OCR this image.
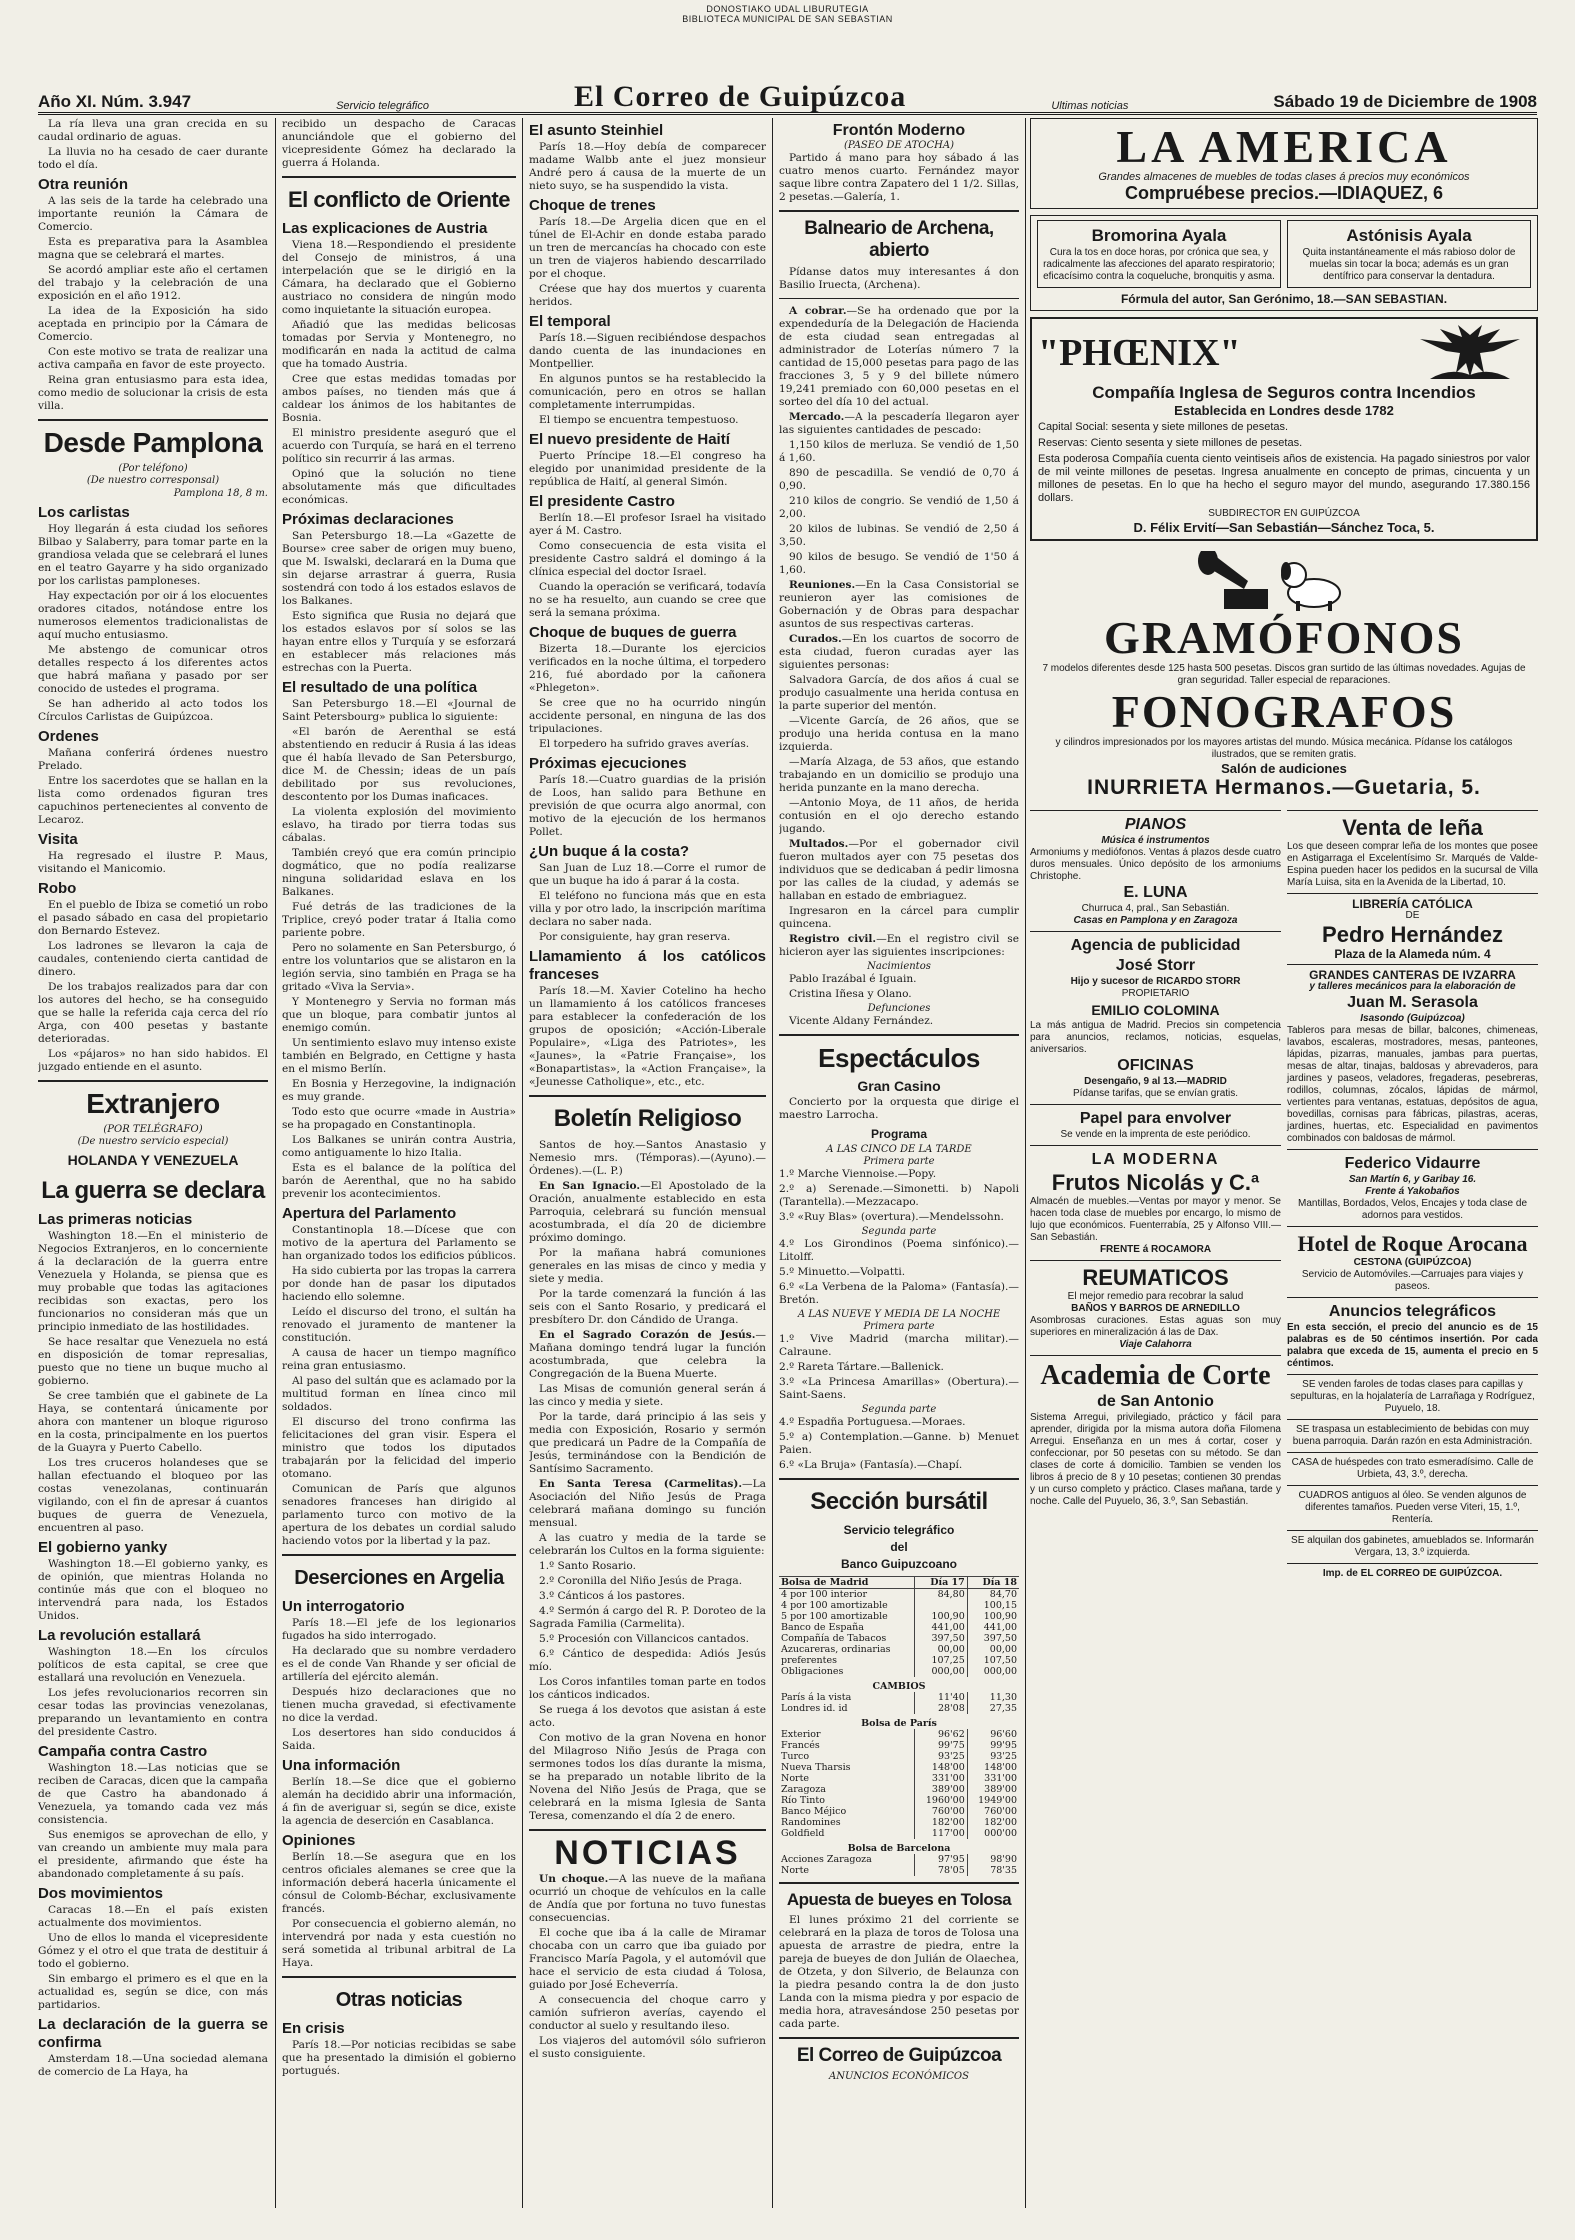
DONOSTIAKO UDAL LIBURUTEGIA
BIBLIOTECA MUNICIPAL DE SAN SEBASTIAN
Año XI. Núm. 3.947	Servicio telegráfico	El Correo de Guipúzcoa	Ultimas noticias	Sábado 19 de Diciembre de 1908

La ría lleva una gran crecida en su caudal ordinario de aguas.

La lluvia no ha cesado de caer durante todo el día.

Otra reunión

A las seis de la tarde ha celebrado una importante reunión la Cámara de Comercio.

Esta es preparativa para la Asamblea magna que se celebrará el martes.

Se acordó ampliar este año el certamen del trabajo y la celebración de una exposición en el año 1912.

La idea de la Exposición ha sido aceptada en principio por la Cámara de Comercio.

Con este motivo se trata de realizar una activa campaña en favor de este proyecto.

Reina gran entusiasmo para esta idea, como medio de solucionar la crisis de esta villa.

Desde Pamplona
(Por teléfono)
(De nuestro corresponsal)
Pamplona 18, 8 m.
Los carlistas

Hoy llegarán á esta ciudad los señores Bilbao y Salaberry, para tomar parte en la grandiosa velada que se celebrará el lunes en el teatro Gayarre y ha sido organizado por los carlistas pamploneses.

Hay expectación por oir á los elocuentes oradores citados, notándose entre los numerosos elementos tradicionalistas de aquí mucho entusiasmo.

Me abstengo de comunicar otros detalles respecto á los diferentes actos que habrá mañana y pasado por ser conocido de ustedes el programa.

Se han adherido al acto todos los Círculos Carlistas de Guipúzcoa.

Ordenes

Mañana conferirá órdenes nuestro Prelado.

Entre los sacerdotes que se hallan en la lista como ordenados figuran tres capuchinos pertenecientes al convento de Lecaroz.

Visita

Ha regresado el ilustre P. Maus, visitando el Manicomio.

Robo

En el pueblo de Ibiza se cometió un robo el pasado sábado en casa del propietario don Bernardo Estevez.

Los ladrones se llevaron la caja de caudales, conteniendo cierta cantidad de dinero.

De los trabajos realizados para dar con los autores del hecho, se ha conseguido que se halle la referida caja cerca del río Arga, con 400 pesetas y bastante deterioradas.

Los «pájaros» no han sido habidos. El juzgado entiende en el asunto.

Extranjero
(POR TELÉGRAFO)
(De nuestro servicio especial)
HOLANDA Y VENEZUELA
La guerra se declara
Las primeras noticias

Washington 18.—En el ministerio de Negocios Extranjeros, en lo concerniente á la declaración de la guerra entre Venezuela y Holanda, se piensa que es muy probable que todas las agitaciones recibidas son exactas, pero los funcionarios no consideran más que un principio inmediato de las hostilidades.

Se hace resaltar que Venezuela no está en disposición de tomar represalias, puesto que no tiene un buque mucho al gobierno.

Se cree también que el gabinete de La Haya, se contentará únicamente por ahora con mantener un bloque riguroso en la costa, principalmente en los puertos de la Guayra y Puerto Cabello.

Los tres cruceros holandeses que se hallan efectuando el bloqueo por las costas venezolanas, continuarán vigilando, con el fin de apresar á cuantos buques de guerra de Venezuela, encuentren al paso.

El gobierno yanky

Washington 18.—El gobierno yanky, es de opinión, que mientras Holanda no continúe más que con el bloqueo no intervendrá para nada, los Estados Unidos.

La revolución estallará

Washington 18.—En los círculos políticos de esta capital, se cree que estallará una revolución en Venezuela.

Los jefes revolucionarios recorren sin cesar todas las provincias venezolanas, preparando un levantamiento en contra del presidente Castro.

Campaña contra Castro

Washington 18.—Las noticias que se reciben de Caracas, dicen que la campaña de que Castro ha abandonado á Venezuela, ya tomando cada vez más consistencia.

Sus enemigos se aprovechan de ello, y van creando un ambiente muy mala para el presidente, afirmando que éste ha abandonado completamente á su país.

Dos movimientos

Caracas 18.—En el país existen actualmente dos movimientos.

Uno de ellos lo manda el vicepresidente Gómez y el otro el que trata de destituir á todo el gobierno.

Sin embargo el primero es el que en la actualidad es, según se dice, con más partidarios.

La declaración de la guerra se confirma

Amsterdam 18.—Una sociedad alemana de comercio de La Haya, ha

recibido un despacho de Caracas anunciándole que el gobierno del vicepresidente Gómez ha declarado la guerra á Holanda.

El conflicto de Oriente
Las explicaciones de Austria

Viena 18.—Respondiendo el presidente del Consejo de ministros, á una interpelación que se le dirigió en la Cámara, ha declarado que el Gobierno austriaco no considera de ningún modo como inquietante la situación europea.

Añadió que las medidas belicosas tomadas por Servia y Montenegro, no modificarán en nada la actitud de calma que ha tomado Austria.

Cree que estas medidas tomadas por ambos países, no tienden más que á caldear los ánimos de los habitantes de Bosnia.

El ministro presidente aseguró que el acuerdo con Turquía, se hará en el terreno político sin recurrir á las armas.

Opinó que la solución no tiene absolutamente más que dificultades económicas.

Próximas declaraciones

San Petersburgo 18.—La «Gazette de Bourse» cree saber de origen muy bueno, que M. Iswalski, declarará en la Duma que sin dejarse arrastrar á guerra, Rusia sostendrá con todo á los estados eslavos de los Balkanes.

Esto significa que Rusia no dejará que los estados eslavos por sí solos se las hayan entre ellos y Turquía y se esforzará en establecer más relaciones más estrechas con la Puerta.

El resultado de una política

San Petersburgo 18.—El «Journal de Saint Petersbourg» publica lo siguiente:

«El barón de Aerenthal se está abstentiendo en reducir á Rusia á las ideas que él había llevado de San Petersburgo, dice M. de Chessin; ideas de un país debilitado por sus revoluciones, descontento por los Dumas inaficaces.

La violenta explosión del movimiento eslavo, ha tirado por tierra todas sus cábalas.

También creyó que era común principio dogmático, que no podía realizarse ninguna solidaridad eslava en los Balkanes.

Fué detrás de las tradiciones de la Triplice, creyó poder tratar á Italia como pariente pobre.

Pero no solamente en San Petersburgo, ó entre los voluntarios que se alistaron en la legión servia, sino también en Praga se ha gritado «Viva la Servia».

Y Montenegro y Servia no forman más que un bloque, para combatir juntos al enemigo común.

Un sentimiento eslavo muy intenso existe también en Belgrado, en Cettigne y hasta en el mismo Berlín.

En Bosnia y Herzegovine, la indignación es muy grande.

Todo esto que ocurre «made in Austria» se ha propagado en Constantinopla.

Los Balkanes se unirán contra Austria, como antiguamente lo hizo Italia.

Esta es el balance de la política del barón de Aerenthal, que no ha sabido prevenir los acontecimientos.

Apertura del Parlamento

Constantinopla 18.—Dícese que con motivo de la apertura del Parlamento se han organizado todos los edificios públicos.

Ha sido cubierta por las tropas la carrera por donde han de pasar los diputados haciendo ello solemne.

Leído el discurso del trono, el sultán ha renovado el juramento de mantener la constitución.

A causa de hacer un tiempo magnífico reina gran entusiasmo.

Al paso del sultán que es aclamado por la multitud forman en línea cinco mil soldados.

El discurso del trono confirma las felicitaciones del gran visir. Espera el ministro que todos los diputados trabajarán por la felicidad del imperio otomano.

Comunican de París que algunos senadores franceses han dirigido al parlamento turco con motivo de la apertura de los debates un cordial saludo haciendo votos por la libertad y la paz.

Deserciones en Argelia
Un interrogatorio

París 18.—El jefe de los legionarios fugados ha sido interrogado.

Ha declarado que su nombre verdadero es el de conde Van Rhande y ser oficial de artillería del ejército alemán.

Después hizo declaraciones que no tienen mucha gravedad, si efectivamente no dice la verdad.

Los desertores han sido conducidos á Saida.

Una información

Berlín 18.—Se dice que el gobierno alemán ha decidido abrir una información, á fin de averiguar si, según se dice, existe la agencia de deserción en Casablanca.

Opiniones

Berlín 18.—Se asegura que en los centros oficiales alemanes se cree que la información deberá hacerla únicamente el cónsul de Colomb-Béchar, exclusivamente francés.

Por consecuencia el gobierno alemán, no intervendrá por nada y esta cuestión no será sometida al tribunal arbitral de La Haya.

Otras noticias
En crisis

París 18.—Por noticias recibidas se sabe que ha presentado la dimisión el gobierno portugués.

El asunto Steinhiel

París 18.—Hoy debía de comparecer madame Walbb ante el juez monsieur André pero á causa de la muerte de un nieto suyo, se ha suspendido la vista.

Choque de trenes

París 18.—De Argelia dicen que en el túnel de El-Achir en donde estaba parado un tren de mercancías ha chocado con este un tren de viajeros habiendo descarrilado por el choque.

Créese que hay dos muertos y cuarenta heridos.

El temporal

París 18.—Siguen recibiéndose despachos dando cuenta de las inundaciones en Montpellier.

En algunos puntos se ha restablecido la comunicación, pero en otros se hallan completamente interrumpidas.

El tiempo se encuentra tempestuoso.

El nuevo presidente de Haití

Puerto Príncipe 18.—El congreso ha elegido por unanimidad presidente de la república de Haití, al general Simón.

El presidente Castro

Berlín 18.—El profesor Israel ha visitado ayer á M. Castro.

Como consecuencia de esta visita el presidente Castro saldrá el domingo á la clínica especial del doctor Israel.

Cuando la operación se verificará, todavía no se ha resuelto, aun cuando se cree que será la semana próxima.

Choque de buques de guerra

Bizerta 18.—Durante los ejercicios verificados en la noche última, el torpedero 216, fué abordado por la cañonera «Phlegeton».

Se cree que no ha ocurrido ningún accidente personal, en ninguna de las dos tripulaciones.

El torpedero ha sufrido graves averías.

Próximas ejecuciones

París 18.—Cuatro guardias de la prisión de Loos, han salido para Bethune en previsión de que ocurra algo anormal, con motivo de la ejecución de los hermanos Pollet.

¿Un buque á la costa?

San Juan de Luz 18.—Corre el rumor de que un buque ha ido á parar á la costa.

El teléfono no funciona más que en esta villa y por otro lado, la inscripción marítima declara no saber nada.

Por consiguiente, hay gran reserva.

Llamamiento á los católicos franceses

París 18.—M. Xavier Cotelino ha hecho un llamamiento á los católicos franceses para establecer la confederación de los grupos de oposición; «Acción-Liberale Populaire», «Liga des Patriotes», les «Jaunes», la «Patrie Française», los «Bonapartistas», la «Action Française», la «Jeunesse Catholique», etc., etc.

Boletín Religioso

Santos de hoy.—Santos Anastasio y Nemesio mrs. (Témporas).—(Ayuno).—Órdenes).—(L. P.)

En San Ignacio.—El Apostolado de la Oración, anualmente establecido en esta Parroquia, celebrará su función mensual acostumbrada, el día 20 de diciembre próximo domingo.

Por la mañana habrá comuniones generales en las misas de cinco y media y siete y media.

Por la tarde comenzará la función á las seis con el Santo Rosario, y predicará el presbítero Dr. don Cándido de Uranga.

En el Sagrado Corazón de Jesús.—Mañana domingo tendrá lugar la función acostumbrada, que celebra la Congregación de la Buena Muerte.

Las Misas de comunión general serán á las cinco y media y siete.

Por la tarde, dará principio á las seis y media con Exposición, Rosario y sermón que predicará un Padre de la Compañía de Jesús, terminándose con la Bendición de Santísimo Sacramento.

En Santa Teresa (Carmelitas).—La Asociación del Niño Jesús de Praga celebrará mañana domingo su función mensual.

A las cuatro y media de la tarde se celebrarán los Cultos en la forma siguiente:

1.º Santo Rosario.

2.º Coronilla del Niño Jesús de Praga.

3.º Cánticos á los pastores.

4.º Sermón á cargo del R. P. Doroteo de la Sagrada Familia (Carmelita).

5.º Procesión con Villancicos cantados.

6.º Cántico de despedida: Adiós Jesús mío.

Los Coros infantiles toman parte en todos los cánticos indicados.

Se ruega á los devotos que asistan á este acto.

Con motivo de la gran Novena en honor del Milagroso Niño Jesús de Praga con sermones todos los días durante la misma, se ha preparado un notable librito de la Novena del Niño Jesús de Praga, que se celebrará en la misma Iglesia de Santa Teresa, comenzando el día 2 de enero.

NOTICIAS

Un choque.—A las nueve de la mañana ocurrió un choque de vehículos en la calle de Andía que por fortuna no tuvo funestas consecuencias.

El coche que iba á la calle de Miramar chocaba con un carro que iba guiado por Francisco María Pagola, y el automóvil que hace el servicio de esta ciudad á Tolosa, guiado por José Echeverría.

A consecuencia del choque carro y camión sufrieron averías, cayendo el conductor al suelo y resultando ileso.

Los viajeros del automóvil sólo sufrieron el susto consiguiente.

Frontón Moderno
(PASEO DE ATOCHA)

Partido á mano para hoy sábado á las cuatro menos cuarto. Fernández mayor saque libre contra Zapatero del 1 1/2. Sillas, 2 pesetas.—Galería, 1.

Balneario de Archena, abierto

Pídanse datos muy interesantes á don Basilio Iruecta, (Archena).

A cobrar.—Se ha ordenado que por la expendeduría de la Delegación de Hacienda de esta ciudad sean entregadas al administrador de Loterías número 7 la cantidad de 15,000 pesetas para pago de las fracciones 3, 5 y 9 del billete número 19,241 premiado con 60,000 pesetas en el sorteo del día 10 del actual.

Mercado.—A la pescadería llegaron ayer las siguientes cantidades de pescado:

1,150 kilos de merluza. Se vendió de 1,50 á 1,60.

890 de pescadilla. Se vendió de 0,70 á 0,90.

210 kilos de congrio. Se vendió de 1,50 á 2,00.

20 kilos de lubinas. Se vendió de 2,50 á 3,50.

90 kilos de besugo. Se vendió de 1'50 á 1,60.

Reuniones.—En la Casa Consistorial se reunieron ayer las comisiones de Gobernación y de Obras para despachar asuntos de sus respectivas carteras.

Curados.—En los cuartos de socorro de esta ciudad, fueron curadas ayer las siguientes personas:

Salvadora García, de dos años á cual se produjo casualmente una herida contusa en la parte superior del mentón.

—Vicente García, de 26 años, que se produjo una herida contusa en la mano izquierda.

—María Alzaga, de 53 años, que estando trabajando en un domicilio se produjo una herida punzante en la mano derecha.

—Antonio Moya, de 11 años, de herida contusión en el ojo derecho estando jugando.

Multados.—Por el gobernador civil fueron multados ayer con 75 pesetas dos individuos que se dedicaban á pedir limosna por las calles de la ciudad, y además se hallaban en estado de embriaguez.

Ingresaron en la cárcel para cumplir quincena.

Registro civil.—En el registro civil se hicieron ayer las siguientes inscripciones:

Nacimientos

Pablo Irazábal é Iguain.

Cristina Iñesa y Olano.

Defunciones

Vicente Aldany Fernández.

Espectáculos
Gran Casino

Concierto por la orquesta que dirige el maestro Larrocha.

Programa
A LAS CINCO DE LA TARDE
Primera parte

1.º Marche Viennoise.—Popy.

2.º a) Serenade.—Simonetti. b) Napoli (Tarantella).—Mezzacapo.

3.º «Ruy Blas» (overtura).—Mendelssohn.

Segunda parte

4.º Los Girondinos (Poema sinfónico).—Litolff.

5.º Minuetto.—Volpatti.

6.º «La Verbena de la Paloma» (Fantasía).—Bretón.

A LAS NUEVE Y MEDIA DE LA NOCHE
Primera parte

1.º Vive Madrid (marcha militar).—Calraune.

2.º Rareta Tártare.—Ballenick.

3.º «La Princesa Amarillas» (Obertura).—Saint-Saens.

Segunda parte

4.º Espadña Portuguesa.—Moraes.

5.º a) Contemplation.—Ganne. b) Menuet Paien.

6.º «La Bruja» (Fantasía).—Chapí.

Sección bursátil
Servicio telegráfico
del
Banco Guipuzcoano
Bolsa de Madrid	Día 17	Día 18
4 por 100 interior	84,80	84,70
4 por 100 amortizable		100,15
5 por 100 amortizable	100,90	100,90
Banco de España	441,00	441,00
Compañía de Tabacos	397,50	397,50
Azucareras, ordinarias	00,00	00,00
preferentes	107,25	107,50
Obligaciones	000,00	000,00
CAMBIOS		
París á la vista	11'40	11,30
Londres id. id	28'08	27,35
Bolsa de París		
Exterior	96'62	96'60
Francés	99'75	99'95
Turco	93'25	93'25
Nueva Tharsis	148'00	148'00
Norte	331'00	331'00
Zaragoza	389'00	389'00
Río Tinto	1960'00	1949'00
Banco Méjico	760'00	760'00
Randomines	182'00	182'00
Goldfield	117'00	000'00
Bolsa de Barcelona		
Acciones Zaragoza	97'95	98'90
Norte	78'05	78'35
Apuesta de bueyes en Tolosa

El lunes próximo 21 del corriente se celebrará en la plaza de toros de Tolosa una apuesta de arrastre de piedra, entre la pareja de bueyes de don Julián de Olaechea, de Otzeta, y don Silverio, de Belaunza con la piedra pesando contra la de don justo Landa con la misma piedra y por espacio de media hora, atravesándose 250 pesetas por cada parte.

El Correo de Guipúzcoa
ANUNCIOS ECONÓMICOS
LA AMERICA
Grandes almacenes de muebles de todas clases á precios muy económicos
Compruébese precios.—IDIAQUEZ, 6
Bromorina Ayala
Cura la tos en doce horas, por crónica que sea, y radicalmente las afecciones del aparato respiratorio; eficacísimo contra la coqueluche, bronquitis y asma.
Astónisis Ayala
Quita instantáneamente el más rabioso dolor de muelas sin tocar la boca; además es un gran dentífrico para conservar la dentadura.
Fórmula del autor, San Gerónimo, 18.—SAN SEBASTIAN.
"PHŒNIX"
Compañía Inglesa de Seguros contra Incendios
Establecida en Londres desde 1782
Capital Social: sesenta y siete millones de pesetas.
Reservas: Ciento sesenta y siete millones de pesetas.
Esta poderosa Compañía cuenta ciento veintiseis años de existencia. Ha pagado siniestros por valor de mil veinte millones de pesetas. Ingresa anualmente en concepto de primas, cincuenta y un millones de pesetas. En lo que ha hecho el seguro mayor del mundo, asegurando 17.380.156 dollars.
SUBDIRECTOR EN GUIPÚZCOA
D. Félix Ervití—San Sebastián—Sánchez Toca, 5.
GRAMÓFONOS
7 modelos diferentes desde 125 hasta 500 pesetas. Discos gran surtido de las últimas novedades. Agujas de gran seguridad. Taller especial de reparaciones.
FONOGRAFOS
y cilindros impresionados por los mayores artistas del mundo. Música mecánica. Pídanse los catálogos ilustrados, que se remiten gratis.
Salón de audiciones
INURRIETA Hermanos.—Guetaria, 5.
PIANOS
Música é instrumentos
Armoniums y mediófonos. Ventas á plazos desde cuatro duros mensuales. Único depósito de los armoniums Christophe.
E. LUNA
Churruca 4, pral., San Sebastián.
Casas en Pamplona y en Zaragoza
Agencia de publicidad
José Storr
Hijo y sucesor de RICARDO STORR
PROPIETARIO
EMILIO COLOMINA
La más antigua de Madrid. Precios sin competencia para anuncios, reclamos, noticias, esquelas, aniversarios.
OFICINAS
Desengaño, 9 al 13.—MADRID
Pídanse tarifas, que se envían gratis.
Papel para envolver
Se vende en la imprenta de este periódico.
LA MODERNA
Frutos Nicolás y C.ª
Almacén de muebles.—Ventas por mayor y menor. Se hacen toda clase de muebles por encargo, lo mismo de lujo que económicos. Fuenterrabía, 25 y Alfonso VIII.—San Sebastián.
FRENTE á ROCAMORA
REUMATICOS
El mejor remedio para recobrar la salud
BAÑOS Y BARROS DE ARNEDILLO
Asombrosas curaciones. Estas aguas son muy superiores en mineralización á las de Dax.
Viaje Calahorra
Academia de Corte
de San Antonio
Sistema Arregui, privilegiado, práctico y fácil para aprender, dirigida por la misma autora doña Filomena Arregui. Enseñanza en un mes á cortar, coser y confeccionar, por 50 pesetas con su método. Se dan clases de corte á domicilio. Tambien se venden los libros á precio de 8 y 10 pesetas; contienen 30 prendas y un curso completo y práctico. Clases mañana, tarde y noche. Calle del Puyuelo, 36, 3.º, San Sebastián.
Venta de leña
Los que deseen comprar leña de los montes que posee en Astigarraga el Excelentísimo Sr. Marqués de Valde-Espina pueden hacer los pedidos en la sucursal de Villa María Luisa, sita en la Avenida de la Libertad, 10.
LIBRERÍA CATÓLICA
DE
Pedro Hernández
Plaza de la Alameda núm. 4
GRANDES CANTERAS DE IVZARRA
y talleres mecánicos para la elaboración de
Juan M. Serasola
Isasondo (Guipúzcoa)
Tableros para mesas de billar, balcones, chimeneas, lavabos, escaleras, mostradores, mesas, panteones, lápidas, pizarras, manuales, jambas para puertas, mesas de altar, tinajas, baldosas y abrevaderos, para jardines y paseos, veladores, fregaderas, pesebreras, rodillos, columnas, zócalos, lápidas de mármol, vertientes para ventanas, estatuas, depósitos de agua, bovedillas, cornisas para fábricas, pilastras, aceras, jardines, huertas, etc. Especialidad en pavimentos combinados con baldosas de mármol.
Federico Vidaurre
San Martín 6, y Garibay 16.
Frente á Yakobaños
Mantillas, Bordados, Velos, Encajes y toda clase de adornos para vestidos.
Hotel de Roque Arocana
CESTONA (GUIPÚZCOA)
Servicio de Automóviles.—Carruajes para viajes y paseos.
Anuncios telegráficos
En esta sección, el precio del anuncio es de 15 palabras es de 50 céntimos insertión. Por cada palabra que exceda de 15, aumenta el precio en 5 céntimos.
SE venden faroles de todas clases para capillas y sepulturas, en la hojalatería de Larrañaga y Rodríguez, Puyuelo, 18.
SE traspasa un establecimiento de bebidas con muy buena parroquia. Darán razón en esta Administración.
CASA de huéspedes con trato esmeradísimo. Calle de Urbieta, 43, 3.º, derecha.
CUADROS antiguos al óleo. Se venden algunos de diferentes tamaños. Pueden verse Viteri, 15, 1.º, Rentería.
SE alquilan dos gabinetes, amueblados se. Informarán Vergara, 13, 3.º izquierda.
Imp. de EL CORREO DE GUIPÚZCOA.
